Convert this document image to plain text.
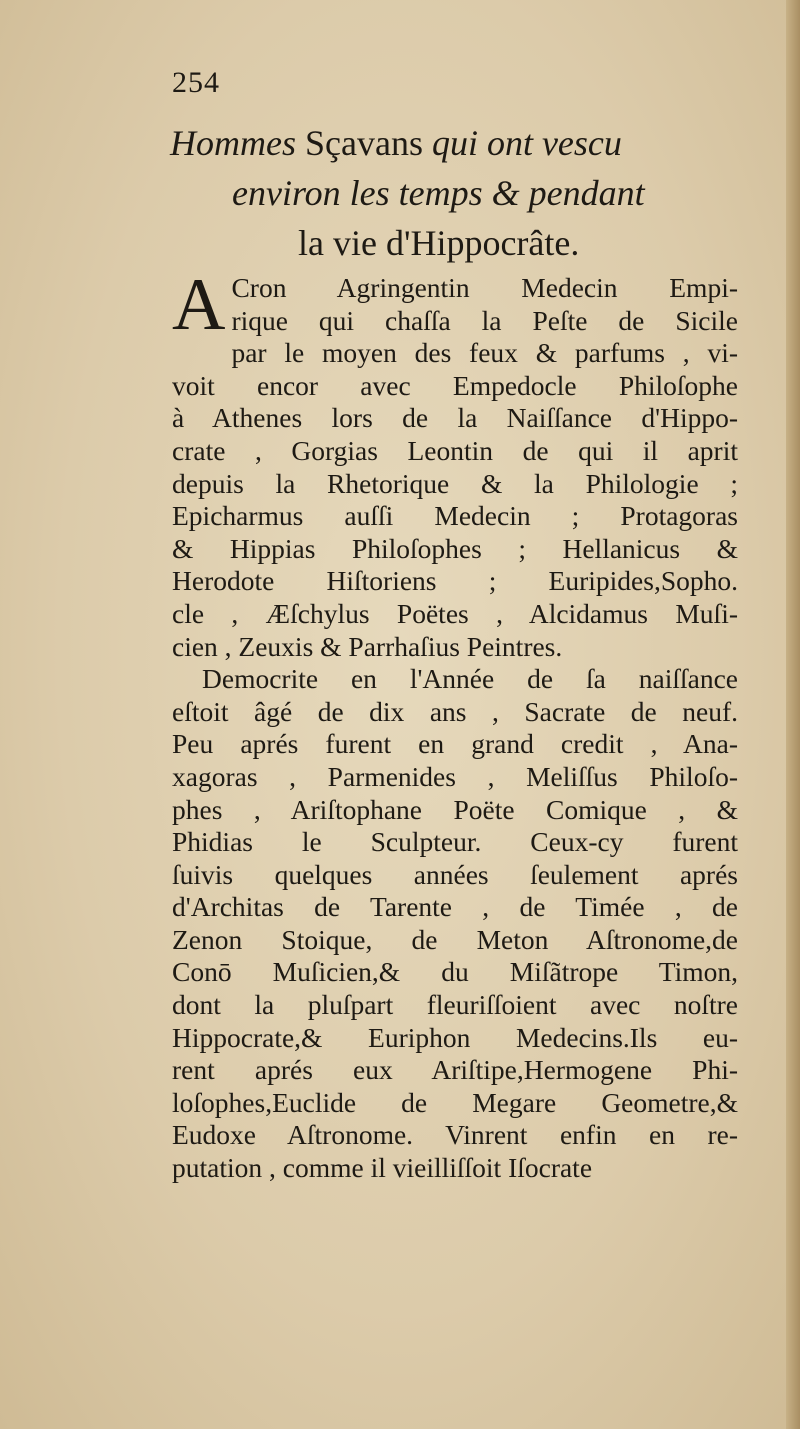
254
Hommes Sçavans qui ont vescu
environ les temps & pendant
la vie d'Hippocrâte.
A Cron Agringentin Medecin Empi-
rique qui chaſſa la Peſte de Sicile
par le moyen des feux & parfums , vi-
voit encor avec Empedocle Philoſophe
à Athenes lors de la Naiſſance d'Hippo-
crate , Gorgias Leontin de qui il aprit
depuis la Rhetorique & la Philologie ;
Epicharmus auſſi Medecin ; Protagoras
& Hippias Philoſophes ; Hellanicus &
Herodote Hiſtoriens ; Euripides,Sopho.
cle , Æſchylus Poëtes , Alcidamus Muſi-
cien , Zeuxis & Parrhaſius Peintres.
Democrite en l'Année de ſa naiſſance
eſtoit âgé de dix ans , Sacrate de neuf.
Peu aprés furent en grand credit , Ana-
xagoras , Parmenides , Meliſſus Philoſo-
phes , Ariſtophane Poëte Comique , &
Phidias le Sculpteur. Ceux-cy furent
ſuivis quelques années ſeulement aprés
d'Architas de Tarente , de Timée , de
Zenon Stoique, de Meton Aſtronome,de
Conō Muſicien,& du Miſãtrope Timon,
dont la pluſpart fleuriſſoient avec noſtre
Hippocrate,& Euriphon Medecins.Ils eu-
rent aprés eux Ariſtipe,Hermogene Phi-
loſophes,Euclide de Megare Geometre,&
Eudoxe Aſtronome. Vinrent enfin en re-
putation , comme il vieilliſſoit Iſocrate
